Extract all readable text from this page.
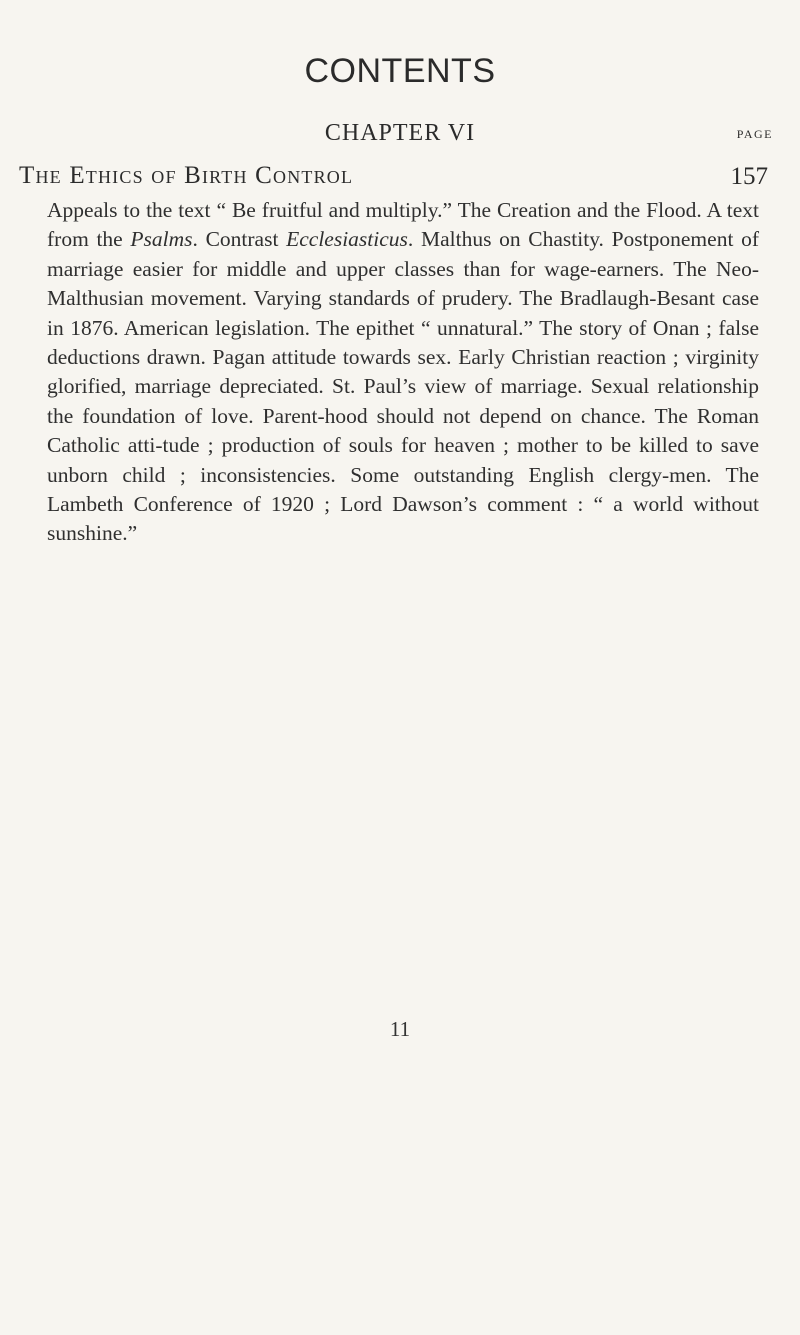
CONTENTS
CHAPTER VI	PAGE
The Ethics of Birth Control	157

Appeals to the text “ Be fruitful and multiply.” The Creation and the Flood. A text from the Psalms. Contrast Ecclesiasticus. Malthus on Chastity. Postponement of marriage easier for middle and upper classes than for wage-earners. The Neo-Malthusian movement. Varying standards of prudery. The Bradlaugh-Besant case in 1876. American legislation. The epithet “ unnatural.” The story of Onan ; false deductions drawn. Pagan attitude towards sex. Early Christian reaction ; virginity glorified, marriage depreciated. St. Paul’s view of marriage. Sexual relationship the foundation of love. Parent-hood should not depend on chance. The Roman Catholic atti-tude ; production of souls for heaven ; mother to be killed to save unborn child ; inconsistencies. Some outstanding English clergy-men. The Lambeth Conference of 1920 ; Lord Dawson’s comment : “ a world without sunshine.”

11
